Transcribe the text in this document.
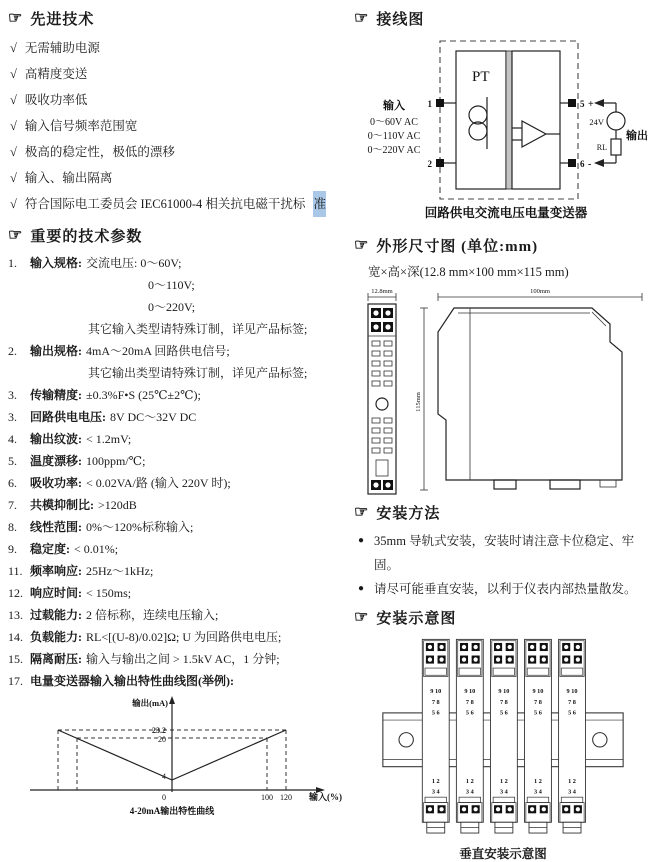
☞ 先进技术
√ 无需辅助电源
√ 高精度变送
√ 吸收功率低
√ 输入信号频率范围宽
√ 极高的稳定性，极低的漂移
√ 输入、输出隔离
√ 符合国际电工委员会 IEC61000-4 相关抗电磁干扰标 准
☞ 重要的技术参数
1. 输入规格: 交流电压: 0～60V;
0～110V;
0～220V;
其它输入类型请特殊订制，详见产品标签;
2. 输出规格: 4mA～20mA 回路供电信号;
其它输出类型请特殊订制，详见产品标签;
3. 传输精度: ±0.3%F•S (25℃±2℃);
3. 回路供电电压: 8V DC～32V DC
4. 输出纹波: < 1.2mV;
5. 温度漂移: 100ppm/℃;
6. 吸收功率: < 0.02VA/路 (输入 220V 时);
7. 共模抑制比: >120dB
8. 线性范围: 0%～120%标称输入;
9. 稳定度: < 0.01%;
11. 频率响应: 25Hz～1kHz;
12. 响应时间: < 150ms;
13. 过载能力: 2 倍标称，连续电压输入;
14. 负载能力: RL<[(U-8)/0.02]Ω; U 为回路供电电压;
15. 隔离耐压: 输入与输出之间 > 1.5kV AC，1 分钟;
17. 电量变送器输入输出特性曲线图(举例):
输出(mA)
23.2
20
4
0	100 120 输入(%)
4-20mA输出特性曲线
☞ 接线图
PT
1
2
5
6
+
-
输入
0～60V AC
0～110V AC
0～220V AC
24V
RL
输出
回路供电交流电压电量变送器
☞ 外形尺寸图 (单位:mm)
宽×高×深(12.8 mm×100 mm×115 mm)
12.8mm	100mm
115mm
☞ 安装方法
● 35mm 导轨式安装，安装时请注意卡位稳定、牢固。
● 请尽可能垂直安装，以利于仪表内部热量散发。
☞ 安装示意图
9 10
7 8
1 2
3 4
垂直安装示意图
